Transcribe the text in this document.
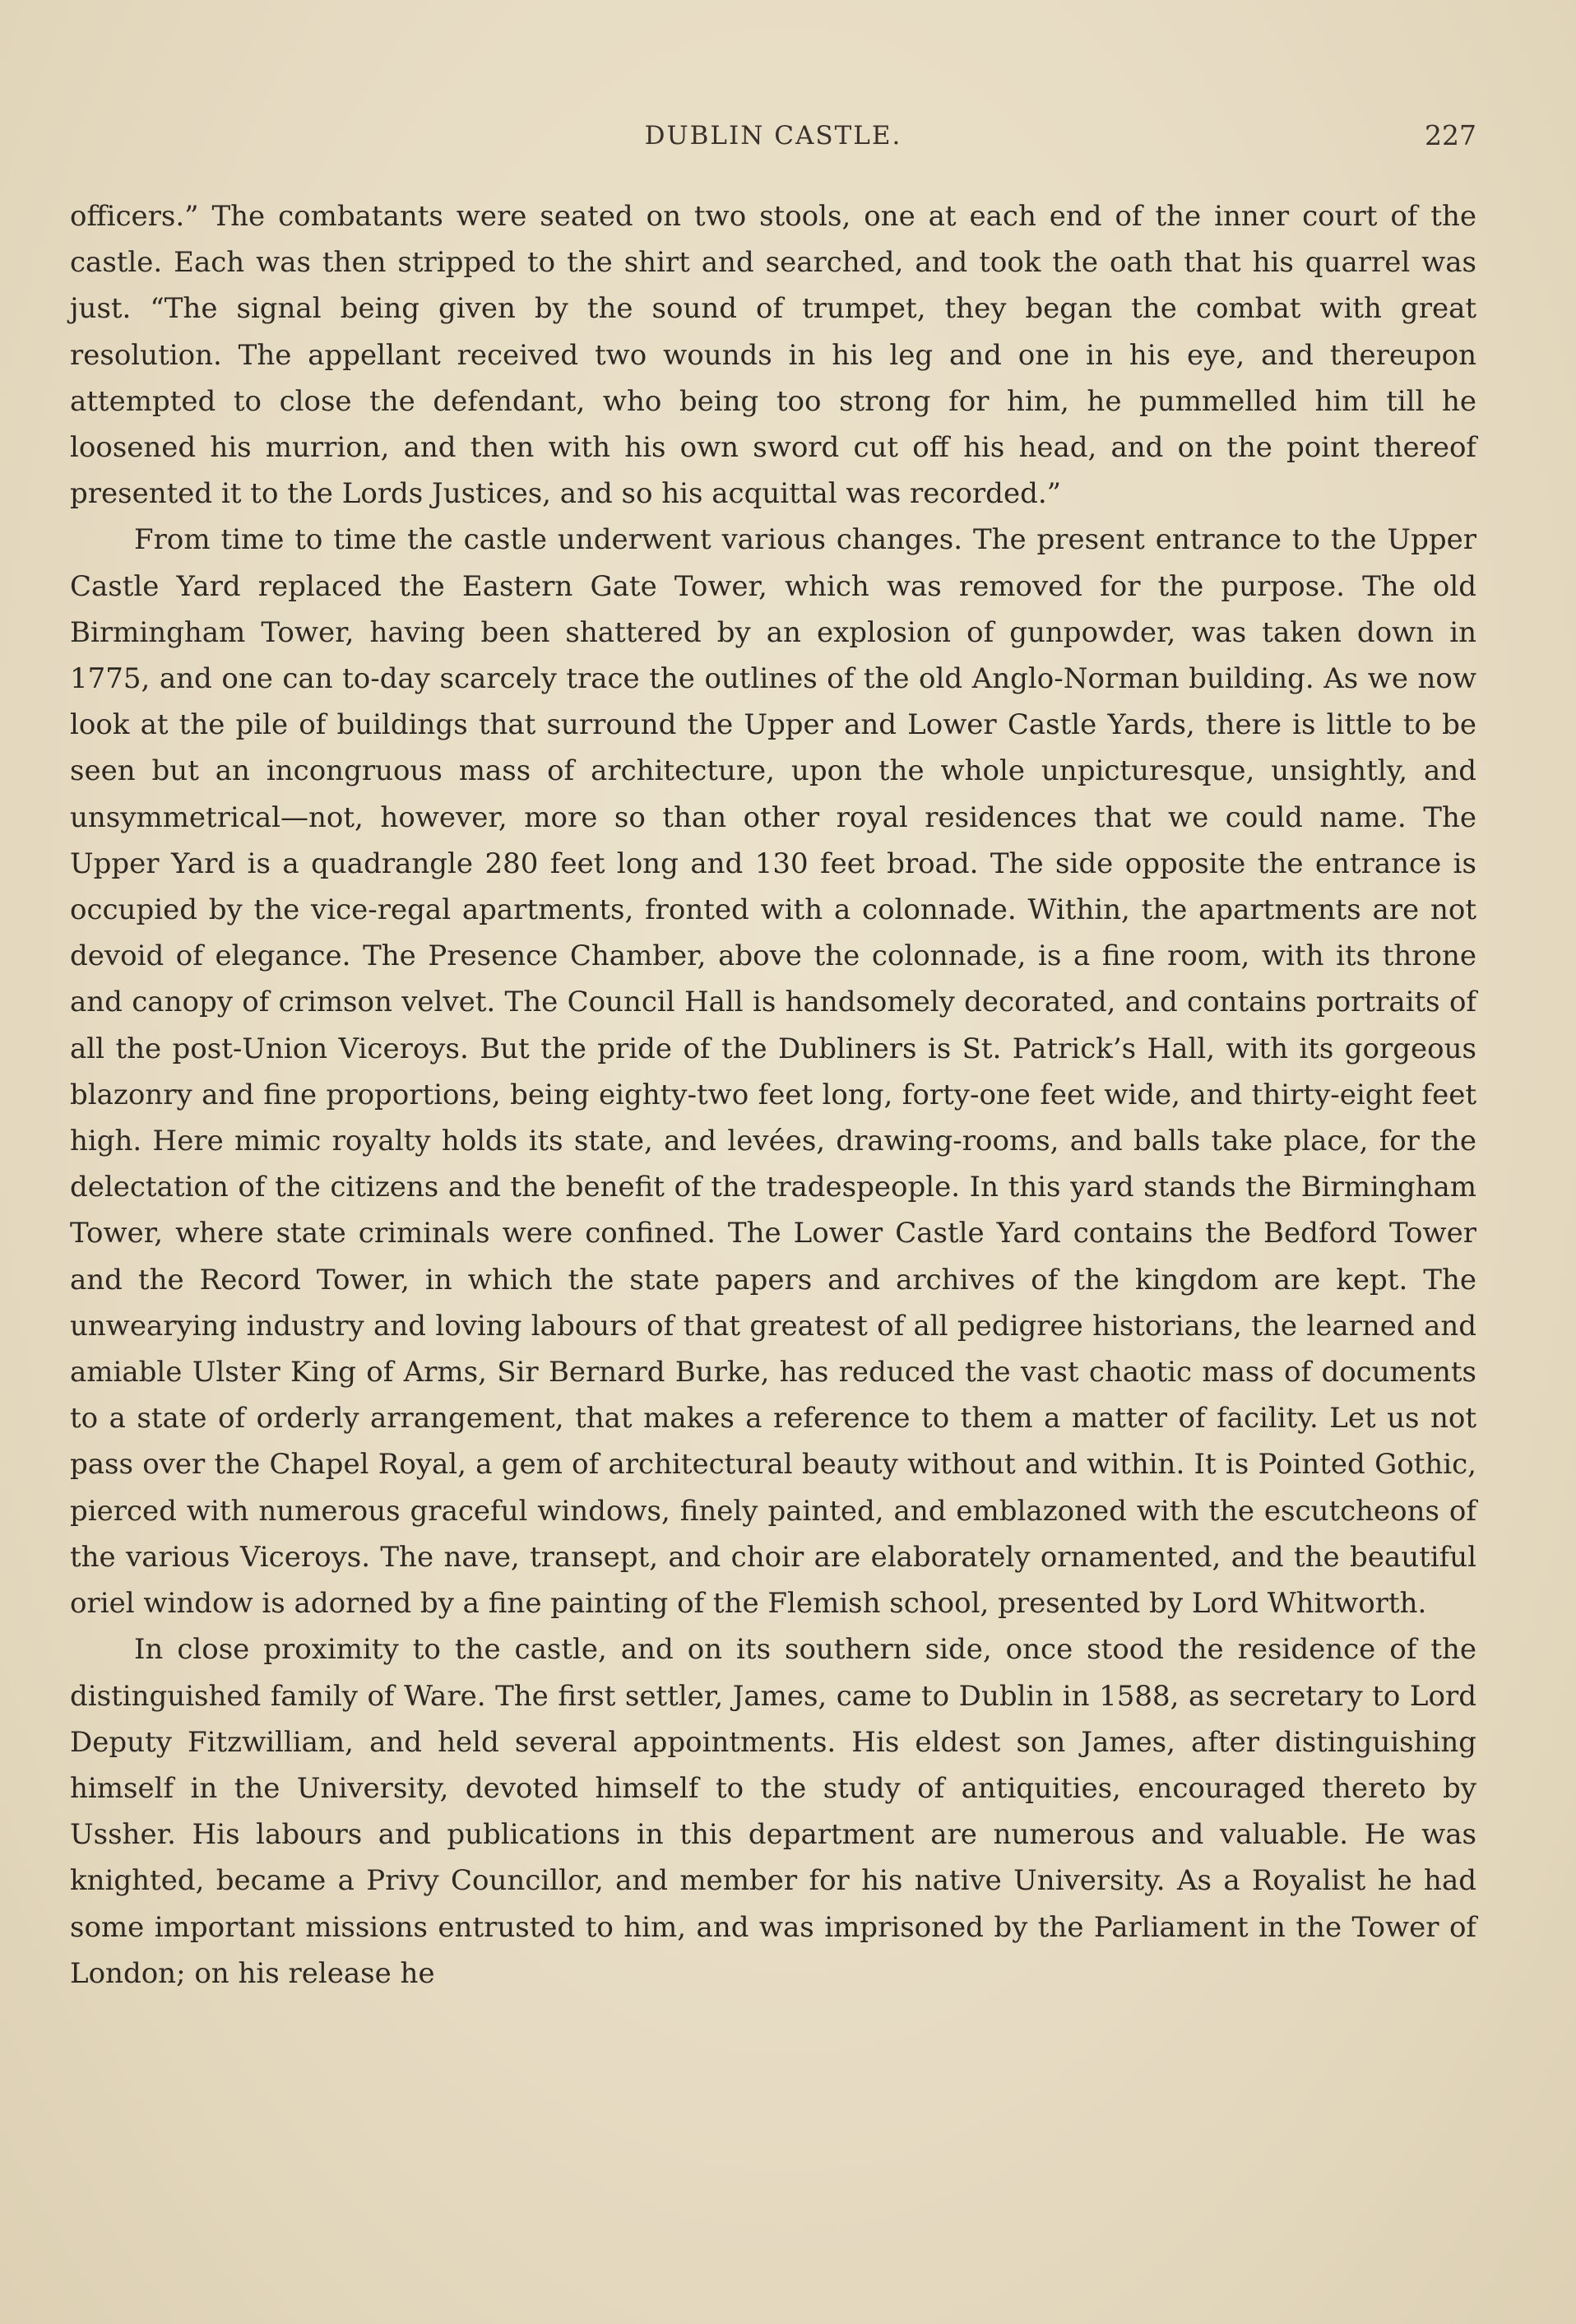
DUBLIN CASTLE.	227

officers.” The combatants were seated on two stools, one at each end of the inner court of the castle. Each was then stripped to the shirt and searched, and took the oath that his quarrel was just. “The signal being given by the sound of trumpet, they began the combat with great resolution. The appellant received two wounds in his leg and one in his eye, and thereupon attempted to close the defendant, who being too strong for him, he pummelled him till he loosened his murrion, and then with his own sword cut off his head, and on the point thereof presented it to the Lords Justices, and so his acquittal was recorded.”

From time to time the castle underwent various changes. The present entrance to the Upper Castle Yard replaced the Eastern Gate Tower, which was removed for the purpose. The old Birmingham Tower, having been shattered by an explosion of gunpowder, was taken down in 1775, and one can to-day scarcely trace the outlines of the old Anglo-Norman building. As we now look at the pile of buildings that surround the Upper and Lower Castle Yards, there is little to be seen but an incongruous mass of architecture, upon the whole unpicturesque, unsightly, and unsymmetrical—not, however, more so than other royal residences that we could name. The Upper Yard is a quadrangle 280 feet long and 130 feet broad. The side opposite the entrance is occupied by the vice-regal apartments, fronted with a colonnade. Within, the apartments are not devoid of elegance. The Presence Chamber, above the colonnade, is a fine room, with its throne and canopy of crimson velvet. The Council Hall is handsomely decorated, and contains portraits of all the post-Union Viceroys. But the pride of the Dubliners is St. Patrick’s Hall, with its gorgeous blazonry and fine proportions, being eighty-two feet long, forty-one feet wide, and thirty-eight feet high. Here mimic royalty holds its state, and levées, drawing-rooms, and balls take place, for the delectation of the citizens and the benefit of the tradespeople. In this yard stands the Birmingham Tower, where state criminals were confined. The Lower Castle Yard contains the Bedford Tower and the Record Tower, in which the state papers and archives of the kingdom are kept. The unwearying industry and loving labours of that greatest of all pedigree historians, the learned and amiable Ulster King of Arms, Sir Bernard Burke, has reduced the vast chaotic mass of documents to a state of orderly arrangement, that makes a reference to them a matter of facility. Let us not pass over the Chapel Royal, a gem of architectural beauty without and within. It is Pointed Gothic, pierced with numerous graceful windows, finely painted, and emblazoned with the escutcheons of the various Viceroys. The nave, transept, and choir are elaborately ornamented, and the beautiful oriel window is adorned by a fine painting of the Flemish school, presented by Lord Whitworth.

In close proximity to the castle, and on its southern side, once stood the residence of the distinguished family of Ware. The first settler, James, came to Dublin in 1588, as secretary to Lord Deputy Fitzwilliam, and held several appointments. His eldest son James, after distinguishing himself in the University, devoted himself to the study of antiquities, encouraged thereto by Ussher. His labours and publications in this department are numerous and valuable. He was knighted, became a Privy Councillor, and member for his native University. As a Royalist he had some important missions entrusted to him, and was imprisoned by the Parliament in the Tower of London; on his release he
